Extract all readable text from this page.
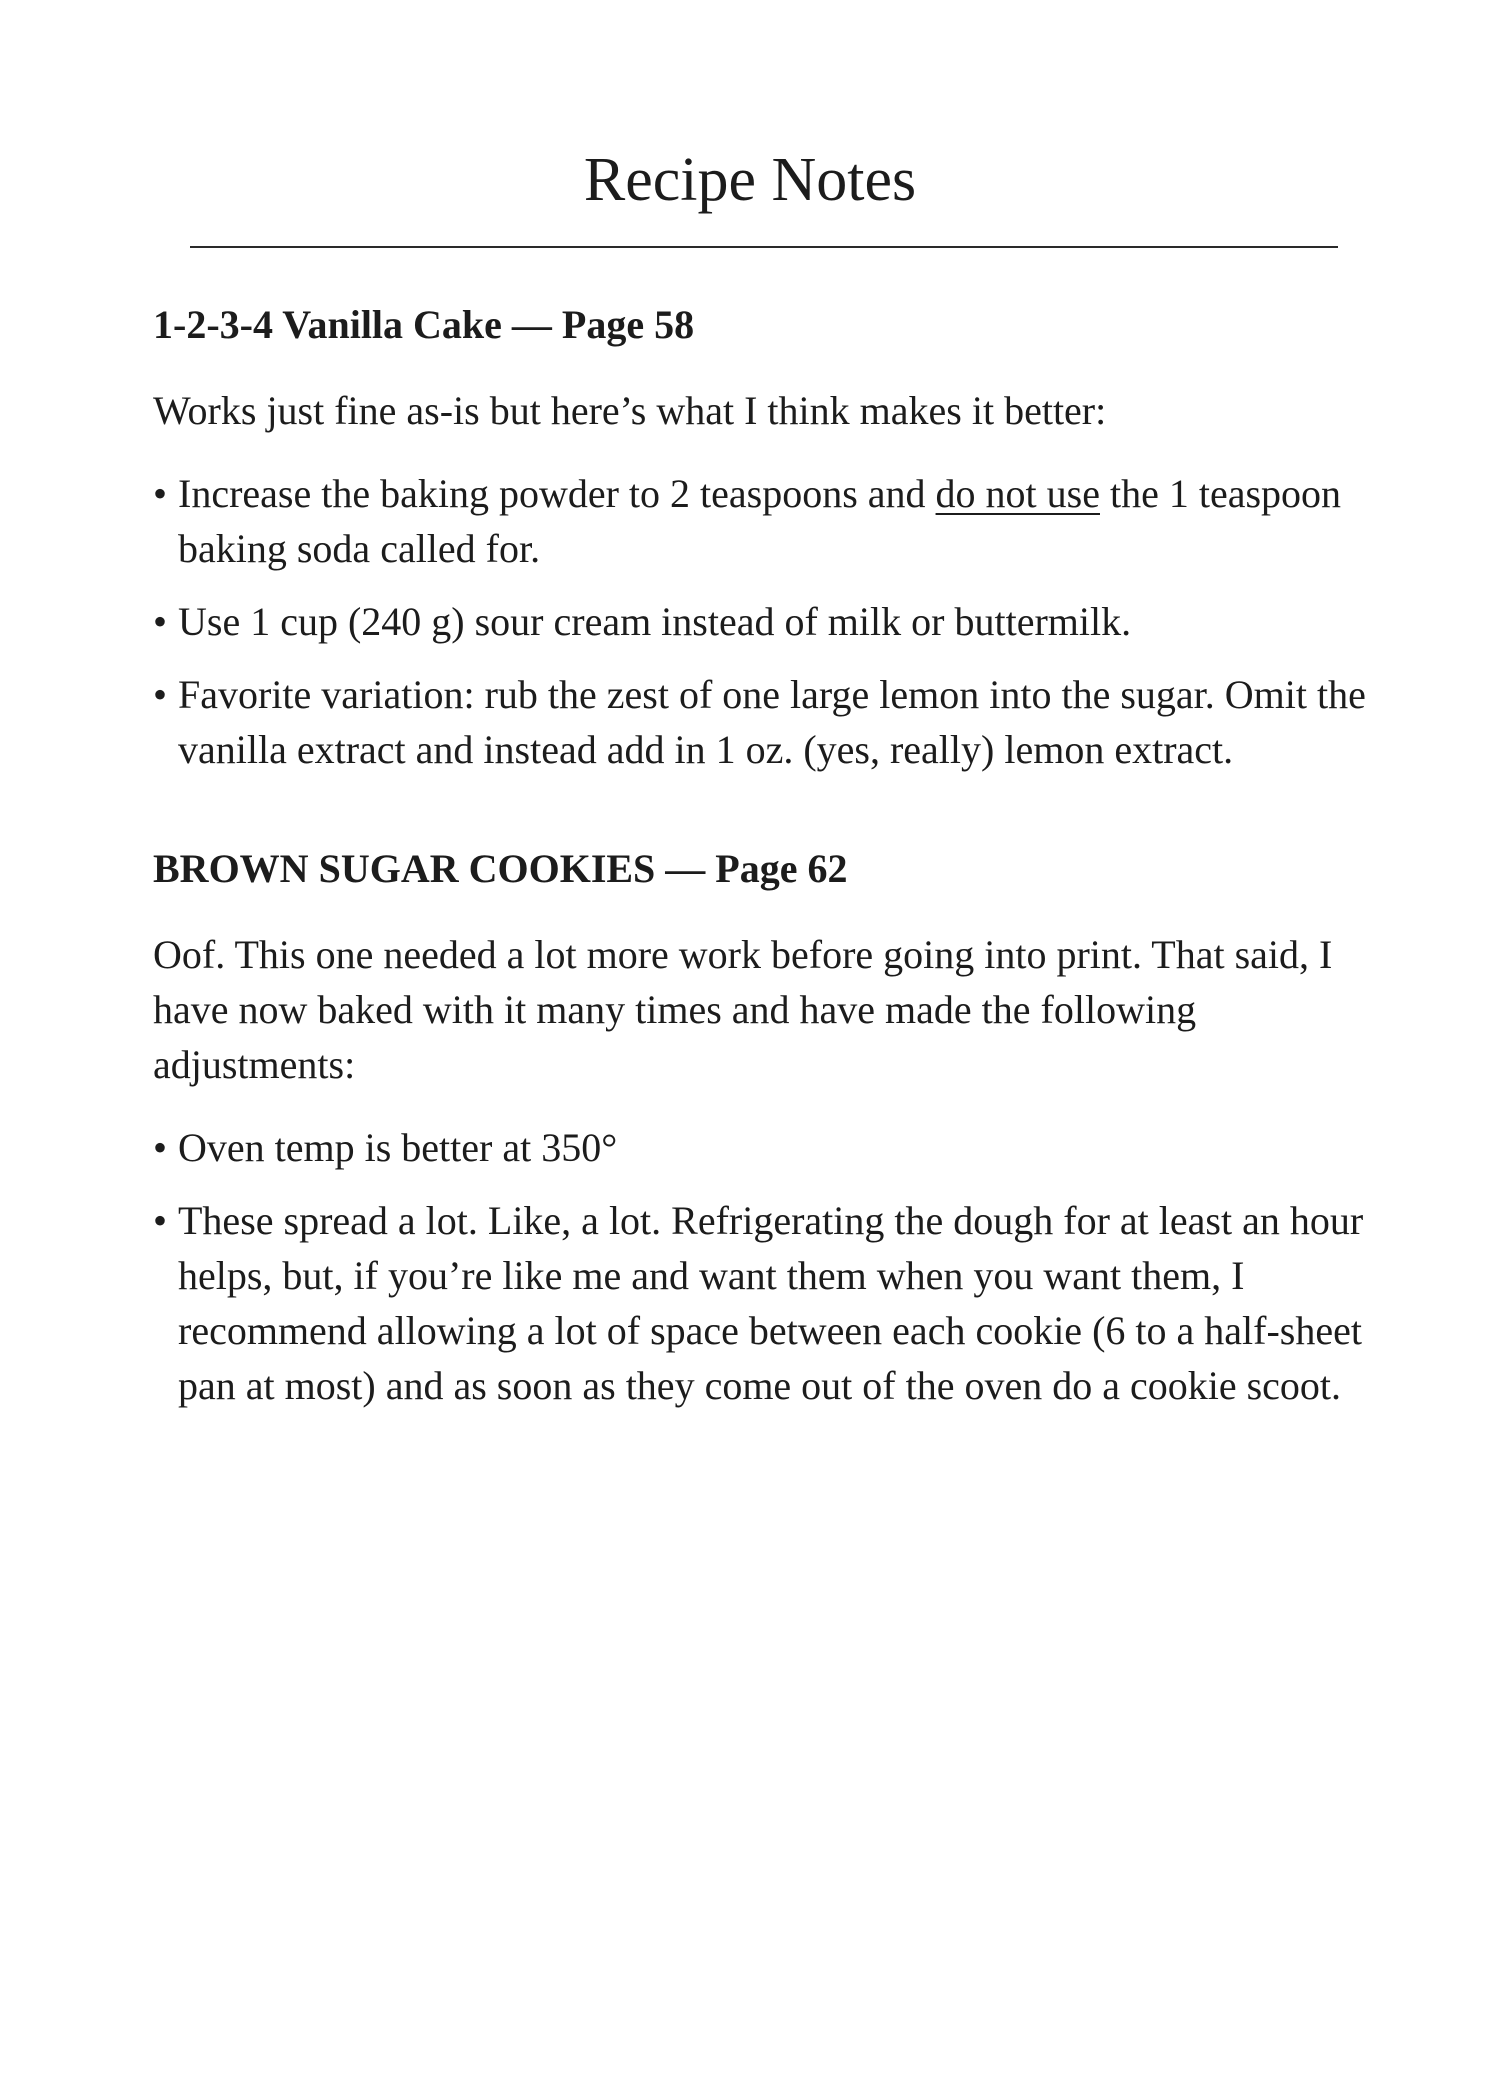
Recipe Notes
1-2-3-4 Vanilla Cake — Page 58

Works just fine as-is but here’s what I think makes it better:

• Increase the baking powder to 2 teaspoons and do not use the 1 teaspoon baking soda called for.
• Use 1 cup (240 g) sour cream instead of milk or buttermilk.
• Favorite variation: rub the zest of one large lemon into the sugar. Omit the vanilla extract and instead add in 1 oz. (yes, really) lemon extract.
BROWN SUGAR COOKIES — Page 62

Oof. This one needed a lot more work before going into print. That said, I have now baked with it many times and have made the following adjustments:

• Oven temp is better at 350°
• These spread a lot. Like, a lot. Refrigerating the dough for at least an hour helps, but, if you’re like me and want them when you want them, I recommend allowing a lot of space between each cookie (6 to a half-sheet pan at most) and as soon as they come out of the oven do a cookie scoot.
